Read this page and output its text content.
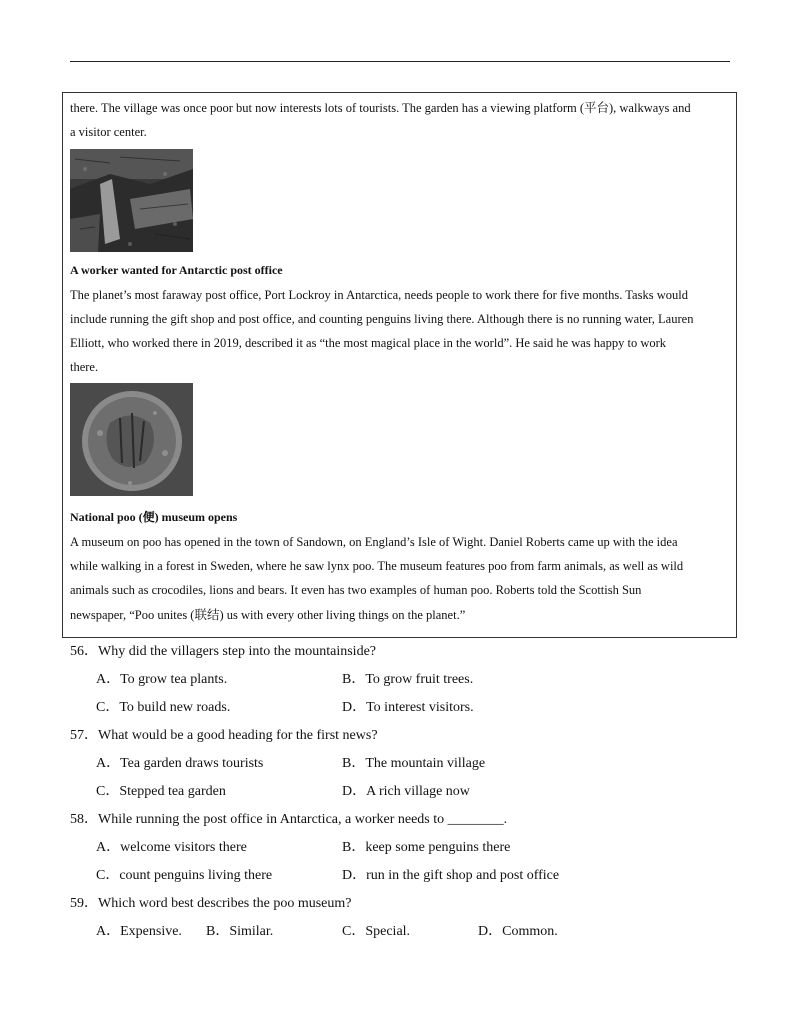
there. The village was once poor but now interests lots of tourists. The garden has a viewing platform (平台), walkways and

a visitor center.

A worker wanted for Antarctic post office

The planet’s most faraway post office, Port Lockroy in Antarctica, needs people to work there for five months. Tasks would

include running the gift shop and post office, and counting penguins living there. Although there is no running water, Lauren

Elliott, who worked there in 2019, described it as “the most magical place in the world”. He said he was happy to work

there.

National poo (便) museum opens

A museum on poo has opened in the town of Sandown, on England’s Isle of Wight. Daniel Roberts came up with the idea

while walking in a forest in Sweden, where he saw lynx poo. The museum features poo from farm animals, as well as wild

animals such as crocodiles, lions and bears. It even has two examples of human poo. Roberts told the Scottish Sun

newspaper, “Poo unites (联结) us with every other living things on the planet.”

56．Why did the villagers step into the mountainside?
A．To grow tea plants.	B．To grow fruit trees.
C．To build new roads.	D．To interest visitors.
57．What would be a good heading for the first news?
A．Tea garden draws tourists	B．The mountain village
C．Stepped tea garden	D．A rich village now
58．While running the post office in Antarctica, a worker needs to ________.
A．welcome visitors there	B．keep some penguins there
C．count penguins living there	D．run in the gift shop and post office
59．Which word best describes the poo museum?
A．Expensive. B．Similar.	C．Special.	D．Common.
